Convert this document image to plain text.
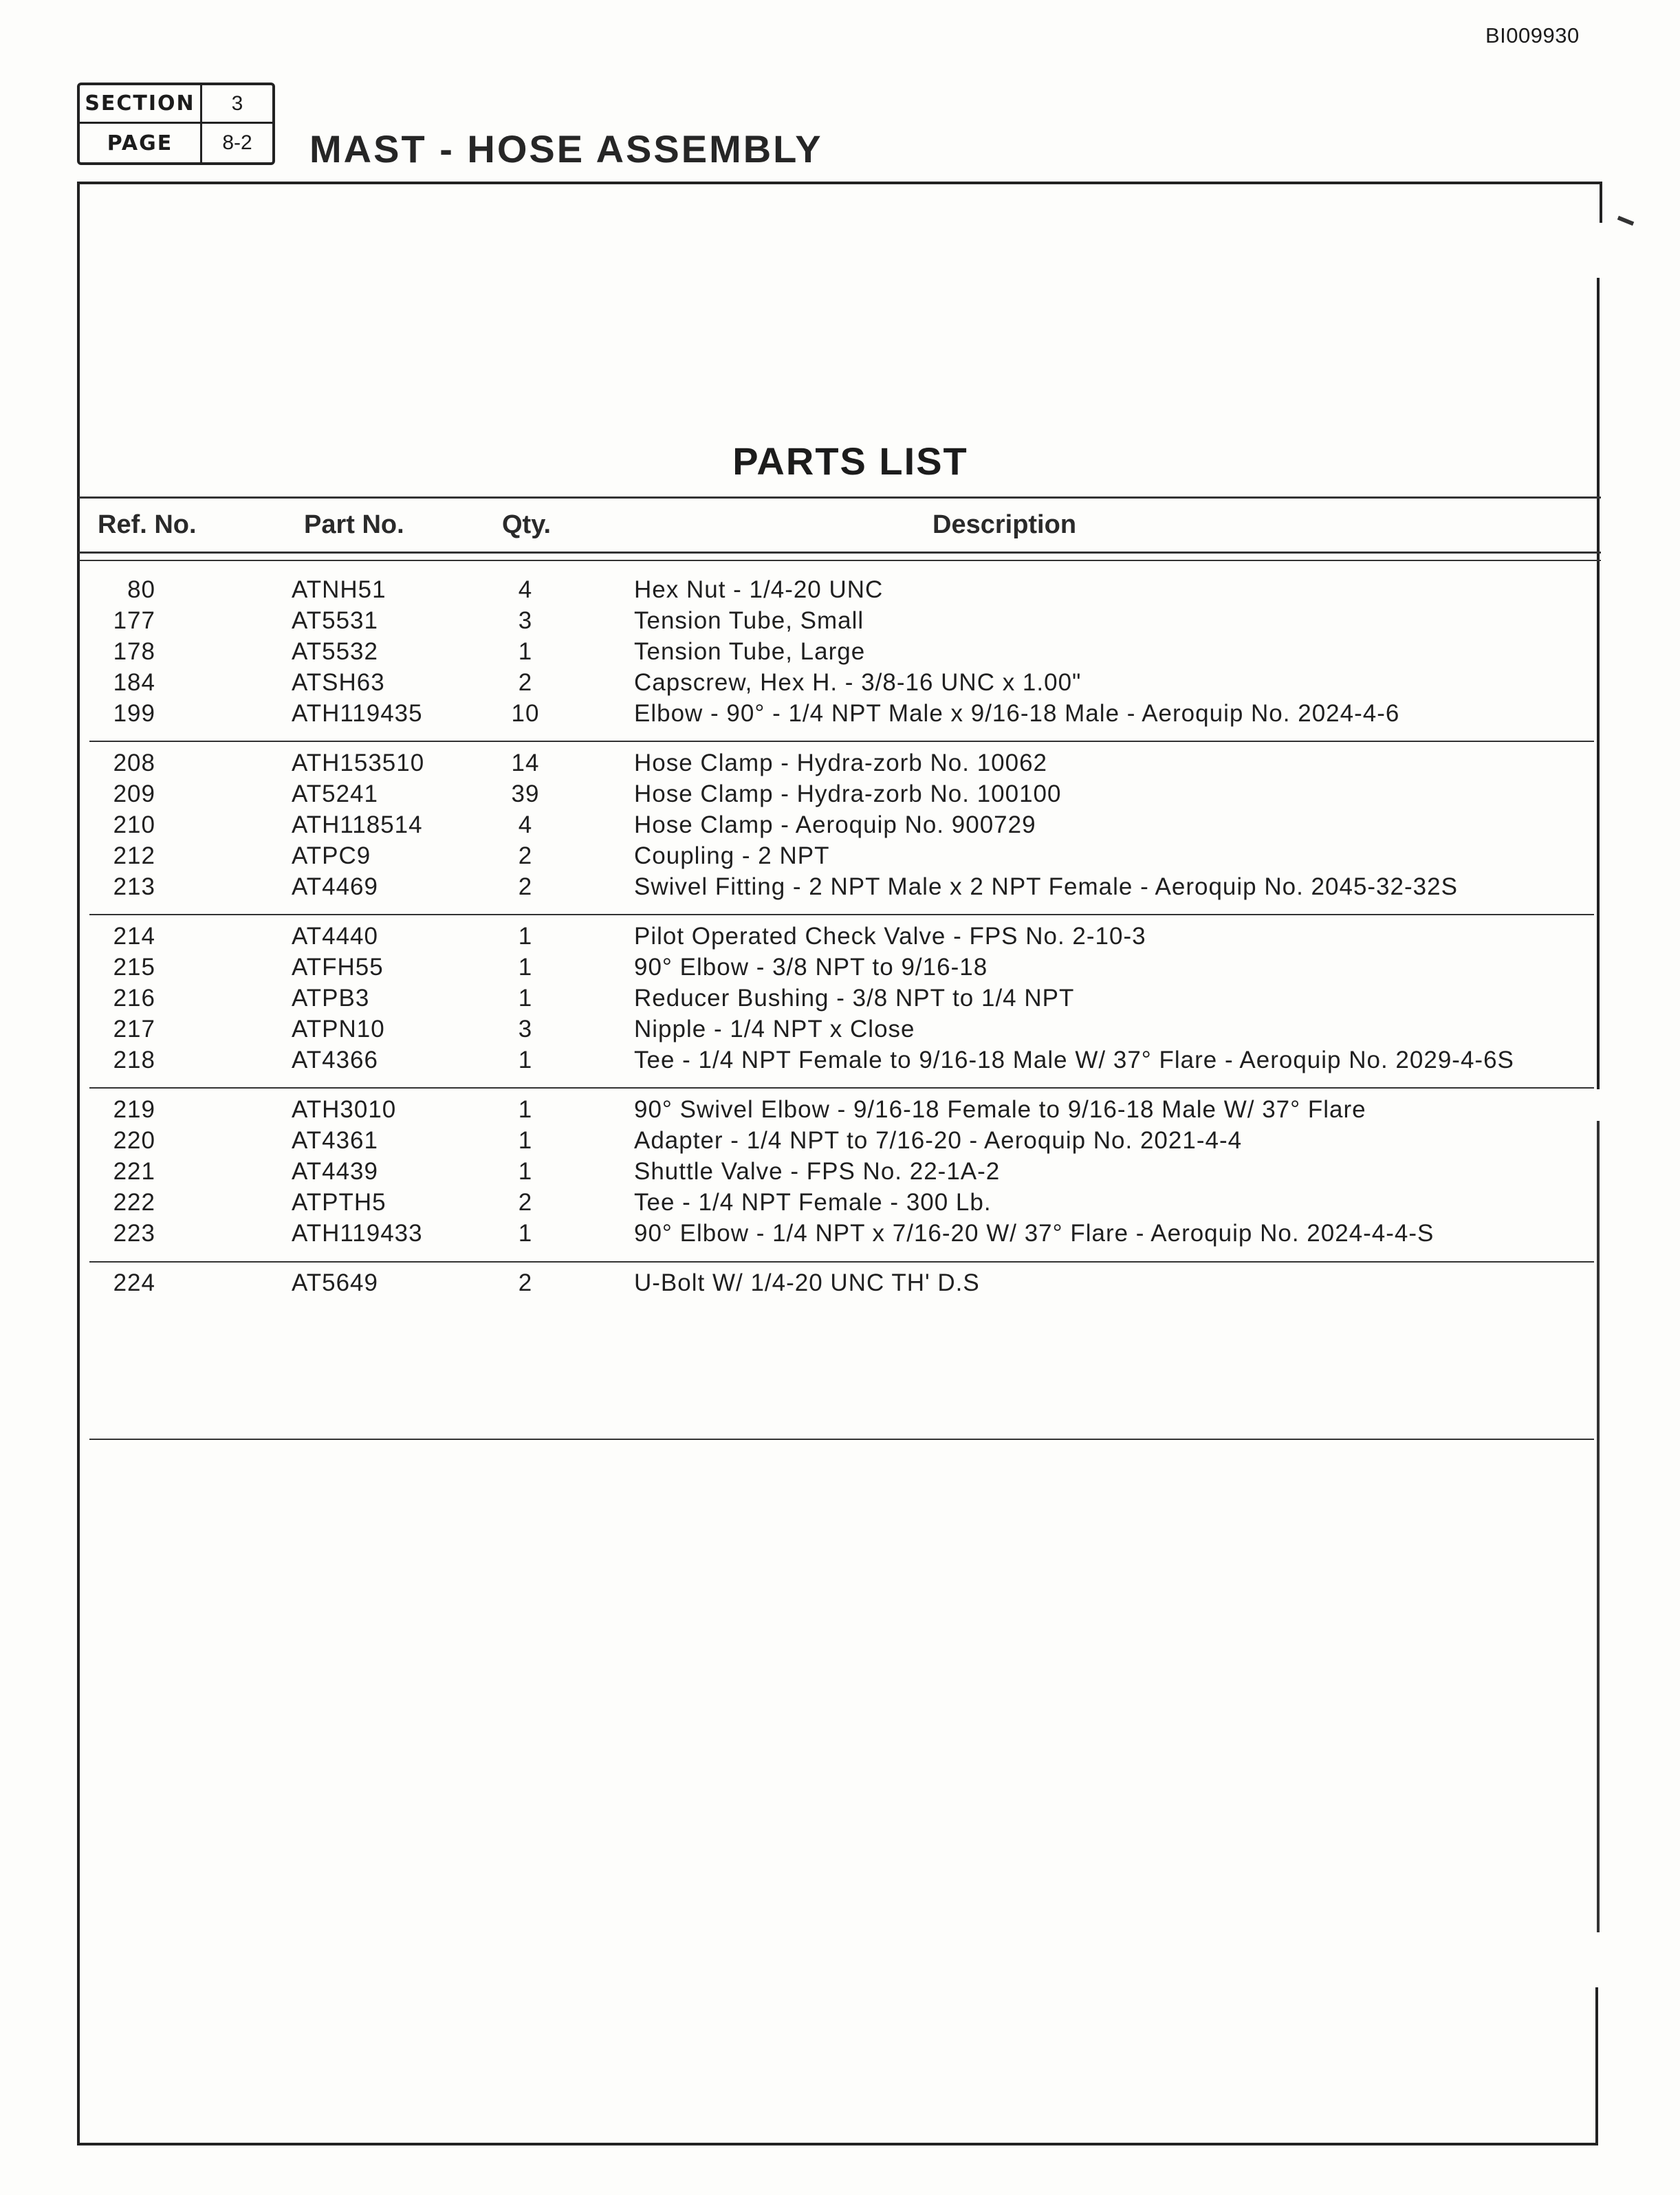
BI009930
SECTION	3
PAGE	8-2	MAST - HOSE ASSEMBLY
PARTS LIST
Ref. No.	Part No.	Qty.	Description
80	ATNH51	4	Hex Nut - 1/4-20 UNC
177	AT5531	3	Tension Tube, Small
178	AT5532	1	Tension Tube, Large
184	ATSH63	2	Capscrew, Hex H. - 3/8-16 UNC x 1.00"
199	ATH119435	10	Elbow - 90° - 1/4 NPT Male x 9/16-18 Male - Aeroquip No. 2024-4-6
208	ATH153510	14	Hose Clamp - Hydra-zorb No. 10062
209	AT5241	39	Hose Clamp - Hydra-zorb No. 100100
210	ATH118514	4	Hose Clamp - Aeroquip No. 900729
212	ATPC9	2	Coupling - 2 NPT
213	AT4469	2	Swivel Fitting - 2 NPT Male x 2 NPT Female - Aeroquip No. 2045-32-32S
214	AT4440	1	Pilot Operated Check Valve - FPS No. 2-10-3
215	ATFH55	1	90° Elbow - 3/8 NPT to 9/16-18
216	ATPB3	1	Reducer Bushing - 3/8 NPT to 1/4 NPT
217	ATPN10	3	Nipple - 1/4 NPT x Close
218	AT4366	1	Tee - 1/4 NPT Female to 9/16-18 Male W/ 37° Flare - Aeroquip No. 2029-4-6S
219	ATH3010	1	90° Swivel Elbow - 9/16-18 Female to 9/16-18 Male W/ 37° Flare
220	AT4361	1	Adapter - 1/4 NPT to 7/16-20 - Aeroquip No. 2021-4-4
221	AT4439	1	Shuttle Valve - FPS No. 22-1A-2
222	ATPTH5	2	Tee - 1/4 NPT Female - 300 Lb.
223	ATH119433	1	90° Elbow - 1/4 NPT x 7/16-20 W/ 37° Flare - Aeroquip No. 2024-4-4-S
224	AT5649	2	U-Bolt W/ 1/4-20 UNC TH' D.S
